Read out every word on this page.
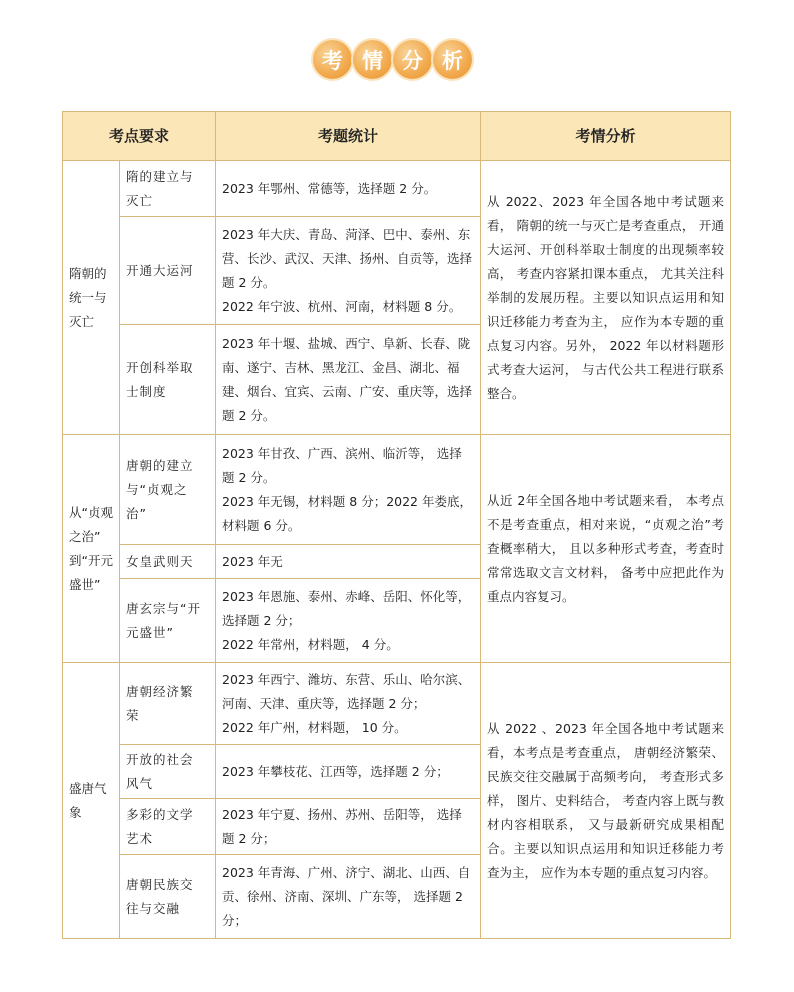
考 情 分 析
考点要求		考题统计	考情分析

隋朝的
统一与
灭亡	隋的建立与
灭亡	2023 年鄂州、常德等，选择题 2 分。	从 2022、2023 年全国各地中考试题来看， 隋朝的统一与灭亡是考查重点， 开通大运河、开创科举取士制度的出现频率较高， 考查内容紧扣课本重点， 尤其关注科举制的发展历程。主要以知识点运用和知识迁移能力考查为主， 应作为本专题的重点复习内容。另外， 2022 年以材料题形式考查大运河， 与古代公共工程进行联系整合。

	开通大运河	2023 年大庆、青岛、菏泽、巴中、泰州、东营、长沙、武汉、天津、扬州、自贡等，选择题 2 分。
2022 年宁波、杭州、河南，材料题 8 分。	

	开创科举取
士制度	2023 年十堰、盐城、西宁、阜新、长春、陇南、遂宁、吉林、黑龙江、金昌、湖北、福建、烟台、宜宾、云南、广安、重庆等，选择题 2 分。	

从“贞观
之治”
到“开元
盛世”	唐朝的建立
与“贞观之
治”	2023 年甘孜、广西、滨州、临沂等， 选择题 2 分。
2023 年无锡，材料题 8 分；2022 年娄底，材料题 6 分。	从近 2年全国各地中考试题来看， 本考点不是考查重点，相对来说，“贞观之治”考查概率稍大， 且以多种形式考查，考查时常常选取文言文材料， 备考中应把此作为重点内容复习。

	女皇武则天	2023 年无	

	唐玄宗与“开
元盛世”	2023 年恩施、泰州、赤峰、岳阳、怀化等，选择题 2 分；
2022 年常州，材料题， 4 分。	

盛唐气
象	唐朝经济繁
荣	2023 年西宁、潍坊、东营、乐山、哈尔滨、河南、天津、重庆等，选择题 2 分；
2022 年广州，材料题， 10 分。	从 2022 、2023 年全国各地中考试题来看，本考点是考查重点， 唐朝经济繁荣、民族交往交融属于高频考向， 考查形式多样， 图片、史料结合， 考查内容上既与教材内容相联系， 又与最新研究成果相配合。主要以知识点运用和知识迁移能力考查为主， 应作为本专题的重点复习内容。

	开放的社会
风气	2023 年攀枝花、江西等，选择题 2 分；	

	多彩的文学
艺术	2023 年宁夏、扬州、苏州、岳阳等， 选择题 2 分；	

	唐朝民族交
往与交融	2023 年青海、广州、济宁、湖北、山西、自贡、徐州、济南、深圳、广东等， 选择题 2 分；	
